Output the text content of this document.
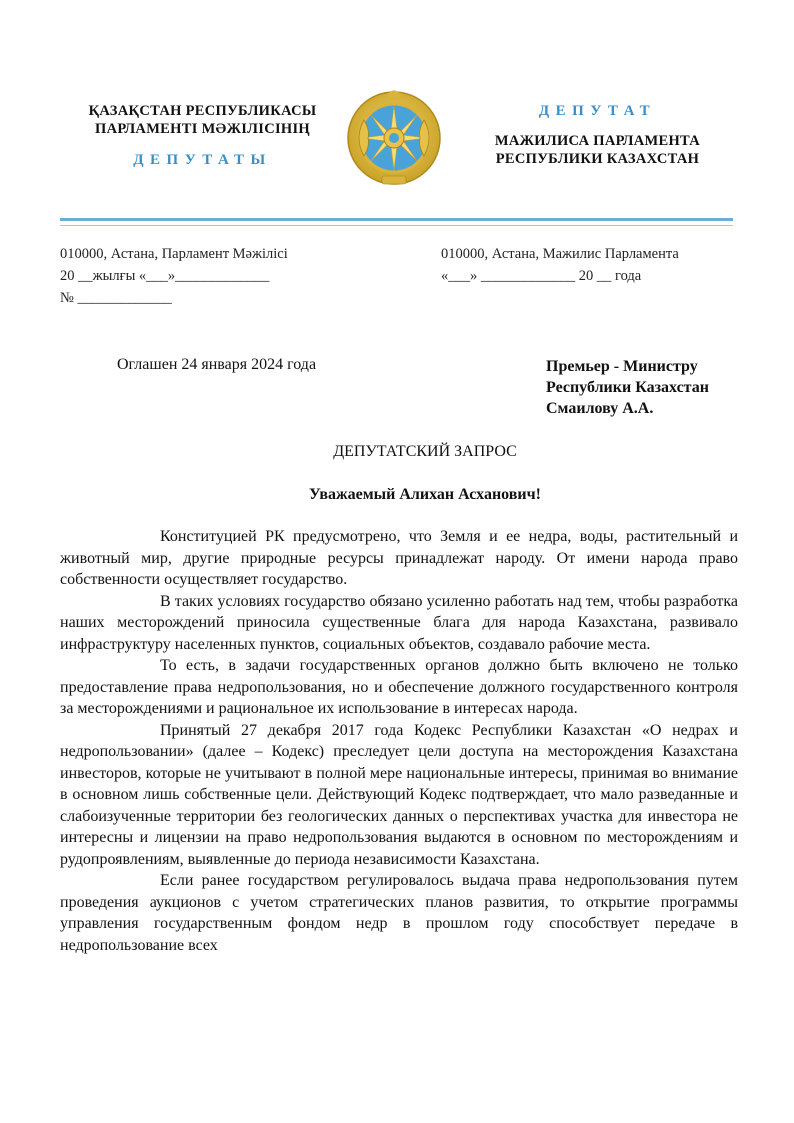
ҚАЗАҚСТАН РЕСПУБЛИКАСЫ
ПАРЛАМЕНТІ МӘЖІЛІСІНІҢ
ДЕПУТАТЫ
ДЕПУТАТ
МАЖИЛИСА ПАРЛАМЕНТА
РЕСПУБЛИКИ КАЗАХСТАН
010000, Астана, Парламент Мәжілісі
20 __жылғы «___»_____________
№ _____________
010000, Астана, Мажилис Парламента
«___» _____________ 20 __ года
Оглашен 24 января 2024 года	Премьер - Министру
Республики Казахстан
Смаилову А.А.
ДЕПУТАТСКИЙ ЗАПРОС
Уважаемый Алихан Асханович!

Конституцией РК предусмотрено, что Земля и ее недра, воды, растительный и животный мир, другие природные ресурсы принадлежат народу. От имени народа право собственности осуществляет государство.

В таких условиях государство обязано усиленно работать над тем, чтобы разработка наших месторождений приносила существенные блага для народа Казахстана, развивало инфраструктуру населенных пунктов, социальных объектов, создавало рабочие места.

То есть, в задачи государственных органов должно быть включено не только предоставление права недропользования, но и обеспечение должного государственного контроля за месторождениями и рациональное их использование в интересах народа.

Принятый 27 декабря 2017 года Кодекс Республики Казахстан «О недрах и недропользовании» (далее – Кодекс) преследует цели доступа на месторождения Казахстана инвесторов, которые не учитывают в полной мере национальные интересы, принимая во внимание в основном лишь собственные цели. Действующий Кодекс подтверждает, что мало разведанные и слабоизученные территории без геологических данных о перспективах участка для инвестора не интересны и лицензии на право недропользования выдаются в основном по месторождениям и рудопроявлениям, выявленные до периода независимости Казахстана.

Если ранее государством регулировалось выдача права недропользования путем проведения аукционов с учетом стратегических планов развития, то открытие программы управления государственным фондом недр в прошлом году способствует передаче в недропользование всех
